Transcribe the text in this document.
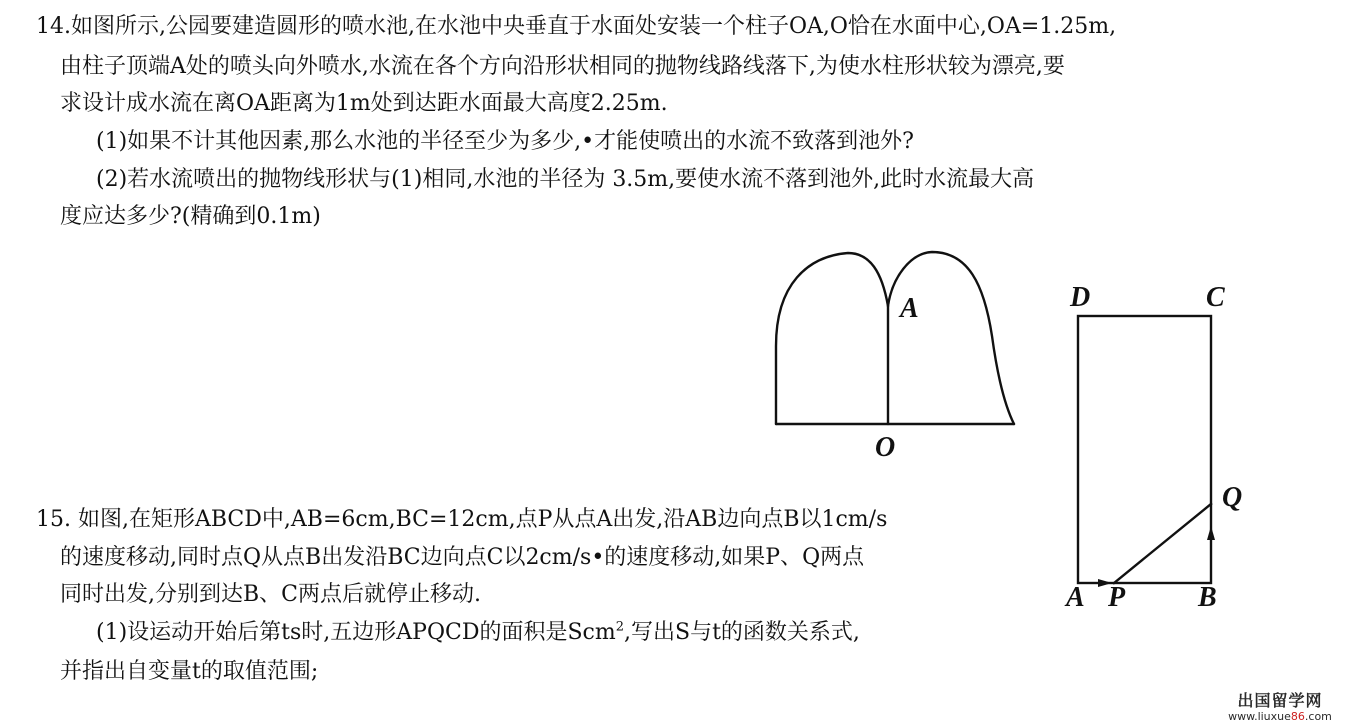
14.如图所示,公园要建造圆形的喷水池,在水池中央垂直于水面处安装一个柱子OA,O恰在水面中心,OA=1.25m,
由柱子顶端A处的喷头向外喷水,水流在各个方向沿形状相同的抛物线路线落下,为使水柱形状较为漂亮,要
求设计成水流在离OA距离为1m处到达距水面最大高度2.25m.
(1)如果不计其他因素,那么水池的半径至少为多少,•才能使喷出的水流不致落到池外?
(2)若水流喷出的抛物线形状与(1)相同,水池的半径为 3.5m,要使水流不落到池外,此时水流最大高
度应达多少?(精确到0.1m)
A
O
15. 如图,在矩形ABCD中,AB=6cm,BC=12cm,点P从点A出发,沿AB边向点B以1cm/s
的速度移动,同时点Q从点B出发沿BC边向点C以2cm/s•的速度移动,如果P、Q两点
同时出发,分别到达B、C两点后就停止移动.
(1)设运动开始后第ts时,五边形APQCD的面积是Scm$^2$,写出S与t的函数关系式,
并指出自变量t的取值范围;
D	C
Q
A P	B
出国留学网
www.liuxue86.com
